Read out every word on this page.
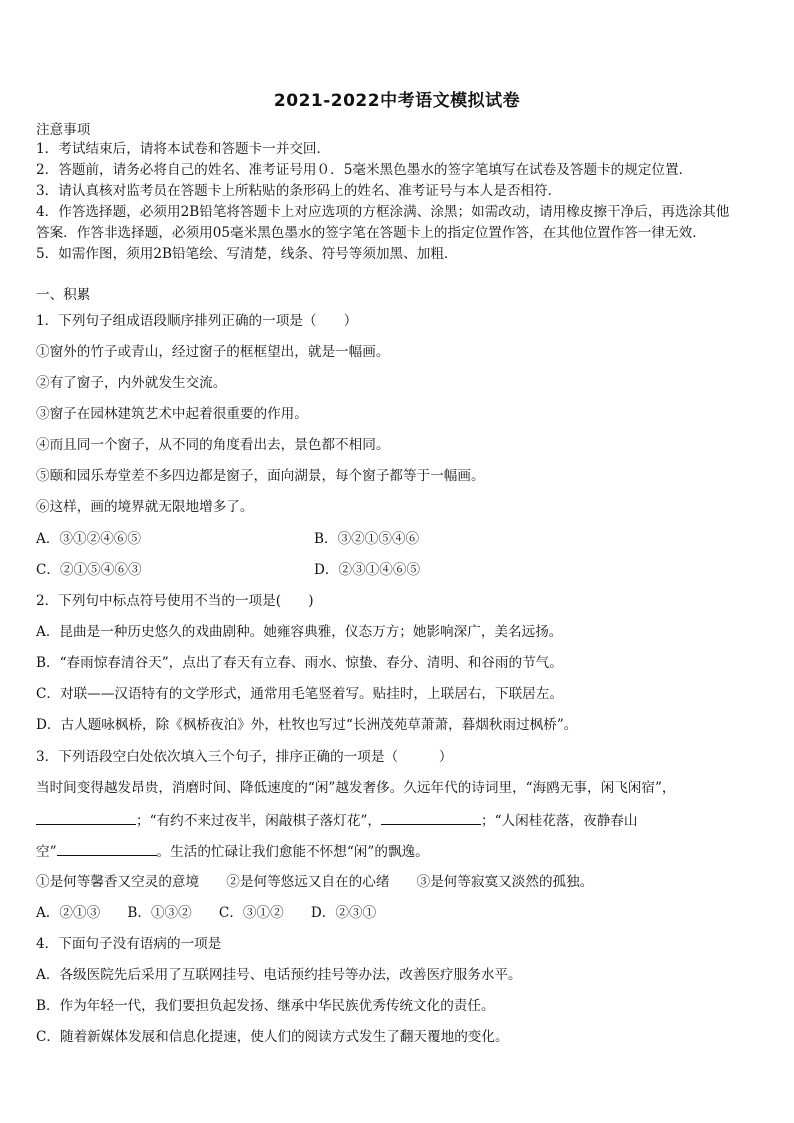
2021-2022中考语文模拟试卷
注意事项
1．考试结束后，请将本试卷和答题卡一并交回．
2．答题前，请务必将自己的姓名、准考证号用０．5毫米黑色墨水的签字笔填写在试卷及答题卡的规定位置．
3．请认真核对监考员在答题卡上所粘贴的条形码上的姓名、准考证号与本人是否相符．
4．作答选择题，必须用2B铅笔将答题卡上对应选项的方框涂满、涂黑；如需改动，请用橡皮擦干净后，再选涂其他
答案．作答非选择题，必须用05毫米黑色墨水的签字笔在答题卡上的指定位置作答，在其他位置作答一律无效．
5．如需作图，须用2B铅笔绘、写清楚，线条、符号等须加黑、加粗．
一、积累
1．下列句子组成语段顺序排列正确的一项是（　　）
①窗外的竹子或青山，经过窗子的框框望出，就是一幅画。
②有了窗子，内外就发生交流。
③窗子在园林建筑艺术中起着很重要的作用。
④而且同一个窗子，从不同的角度看出去，景色都不相同。
⑤颐和园乐寿堂差不多四边都是窗子，面向湖景，每个窗子都等于一幅画。
⑥这样，画的境界就无限地增多了。
A．③①②④⑥⑤	B．③②①⑤④⑥
C．②①⑤④⑥③	D．②③①④⑥⑤
2．下列句中标点符号使用不当的一项是(　　)
A．昆曲是一种历史悠久的戏曲剧种。她雍容典雅，仪态万方；她影响深广，美名远扬。
B．“春雨惊春清谷天”，点出了春天有立春、雨水、惊蛰、春分、清明、和谷雨的节气。
C．对联——汉语特有的文学形式，通常用毛笔竖着写。贴挂时，上联居右，下联居左。
D．古人题咏枫桥，除《枫桥夜泊》外，杜牧也写过“长洲茂苑草萧萧，暮烟秋雨过枫桥”。
3．下列语段空白处依次填入三个句子，排序正确的一项是（　　　）
当时间变得越发昂贵，消磨时间、降低速度的“闲”越发奢侈。久远年代的诗词里，“海鸥无事，闲飞闲宿”，
；“有约不来过夜半，闲敲棋子落灯花”，	；“人闲桂花落，夜静春山
空”	。生活的忙碌让我们愈能不怀想“闲”的飘逸。
①是何等馨香又空灵的意境　　②是何等悠远又自在的心绪　　③是何等寂寞又淡然的孤独。
A．②①③　　B．①③②　　C．③①②　　D．②③①
4．下面句子没有语病的一项是
A．各级医院先后采用了互联网挂号、电话预约挂号等办法，改善医疗服务水平。
B．作为年轻一代，我们要担负起发扬、继承中华民族优秀传统文化的责任。
C．随着新媒体发展和信息化提速，使人们的阅读方式发生了翻天覆地的变化。
